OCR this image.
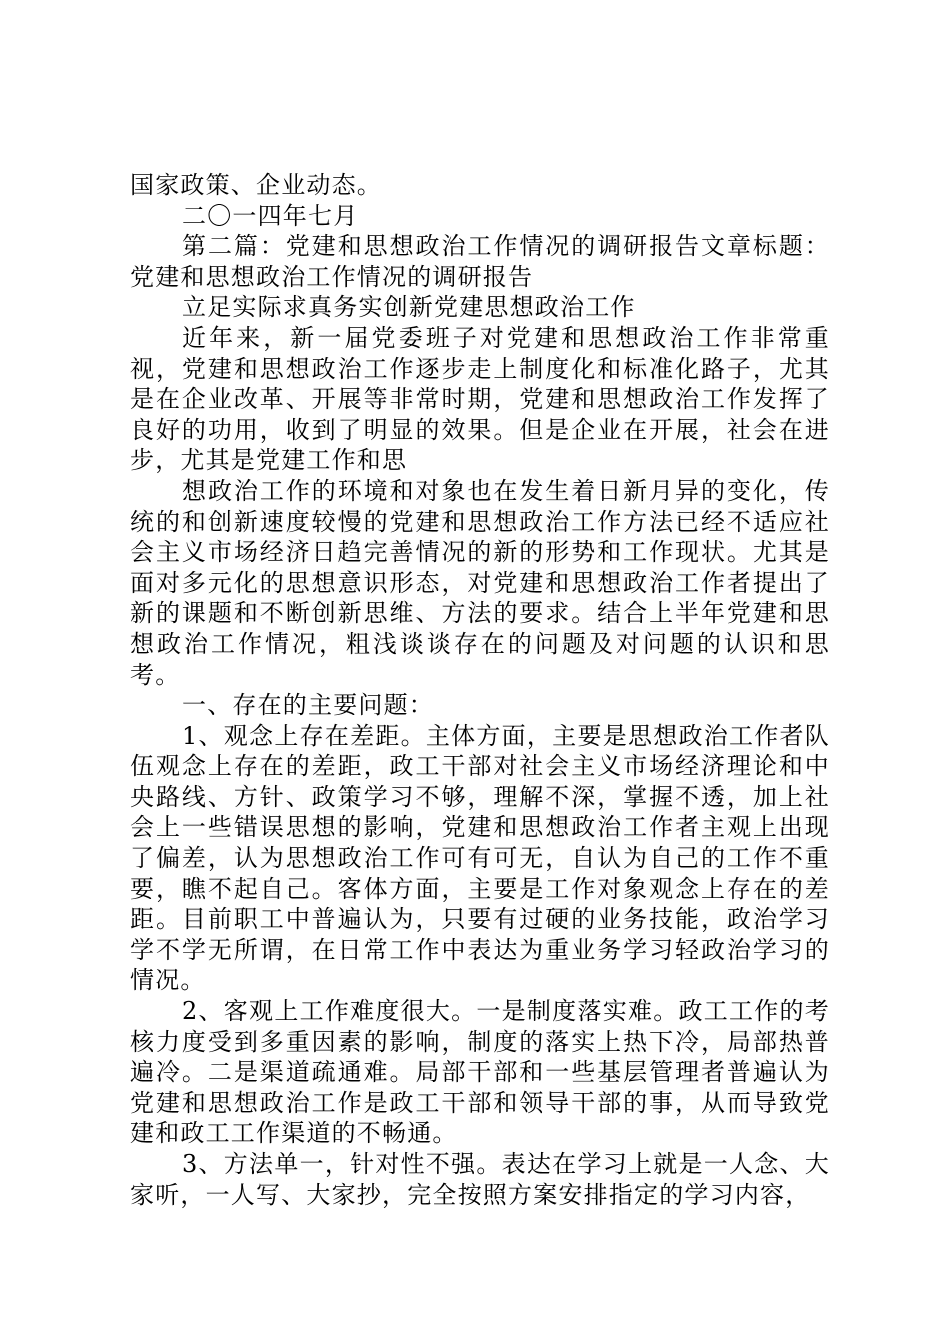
国家政策、企业动态。

二〇一四年七月

第二篇：党建和思想政治工作情况的调研报告文章标题：党建和思想政治工作情况的调研报告

立足实际求真务实创新党建思想政治工作

近年来，新一届党委班子对党建和思想政治工作非常重视，党建和思想政治工作逐步走上制度化和标准化路子，尤其是在企业改革、开展等非常时期，党建和思想政治工作发挥了良好的功用，收到了明显的效果。但是企业在开展，社会在进步，尤其是党建工作和思

想政治工作的环境和对象也在发生着日新月异的变化，传统的和创新速度较慢的党建和思想政治工作方法已经不适应社会主义市场经济日趋完善情况的新的形势和工作现状。尤其是面对多元化的思想意识形态，对党建和思想政治工作者提出了新的课题和不断创新思维、方法的要求。结合上半年党建和思想政治工作情况，粗浅谈谈存在的问题及对问题的认识和思考。

一、存在的主要问题：

1、观念上存在差距。主体方面，主要是思想政治工作者队伍观念上存在的差距，政工干部对社会主义市场经济理论和中央路线、方针、政策学习不够，理解不深，掌握不透，加上社会上一些错误思想的影响，党建和思想政治工作者主观上出现了偏差，认为思想政治工作可有可无，自认为自己的工作不重要，瞧不起自己。客体方面，主要是工作对象观念上存在的差距。目前职工中普遍认为，只要有过硬的业务技能，政治学习学不学无所谓，在日常工作中表达为重业务学习轻政治学习的情况。

2、客观上工作难度很大。一是制度落实难。政工工作的考核力度受到多重因素的影响，制度的落实上热下冷，局部热普遍冷。二是渠道疏通难。局部干部和一些基层管理者普遍认为党建和思想政治工作是政工干部和领导干部的事，从而导致党建和政工工作渠道的不畅通。

3、方法单一，针对性不强。表达在学习上就是一人念、大家听，一人写、大家抄，完全按照方案安排指定的学习内容，
